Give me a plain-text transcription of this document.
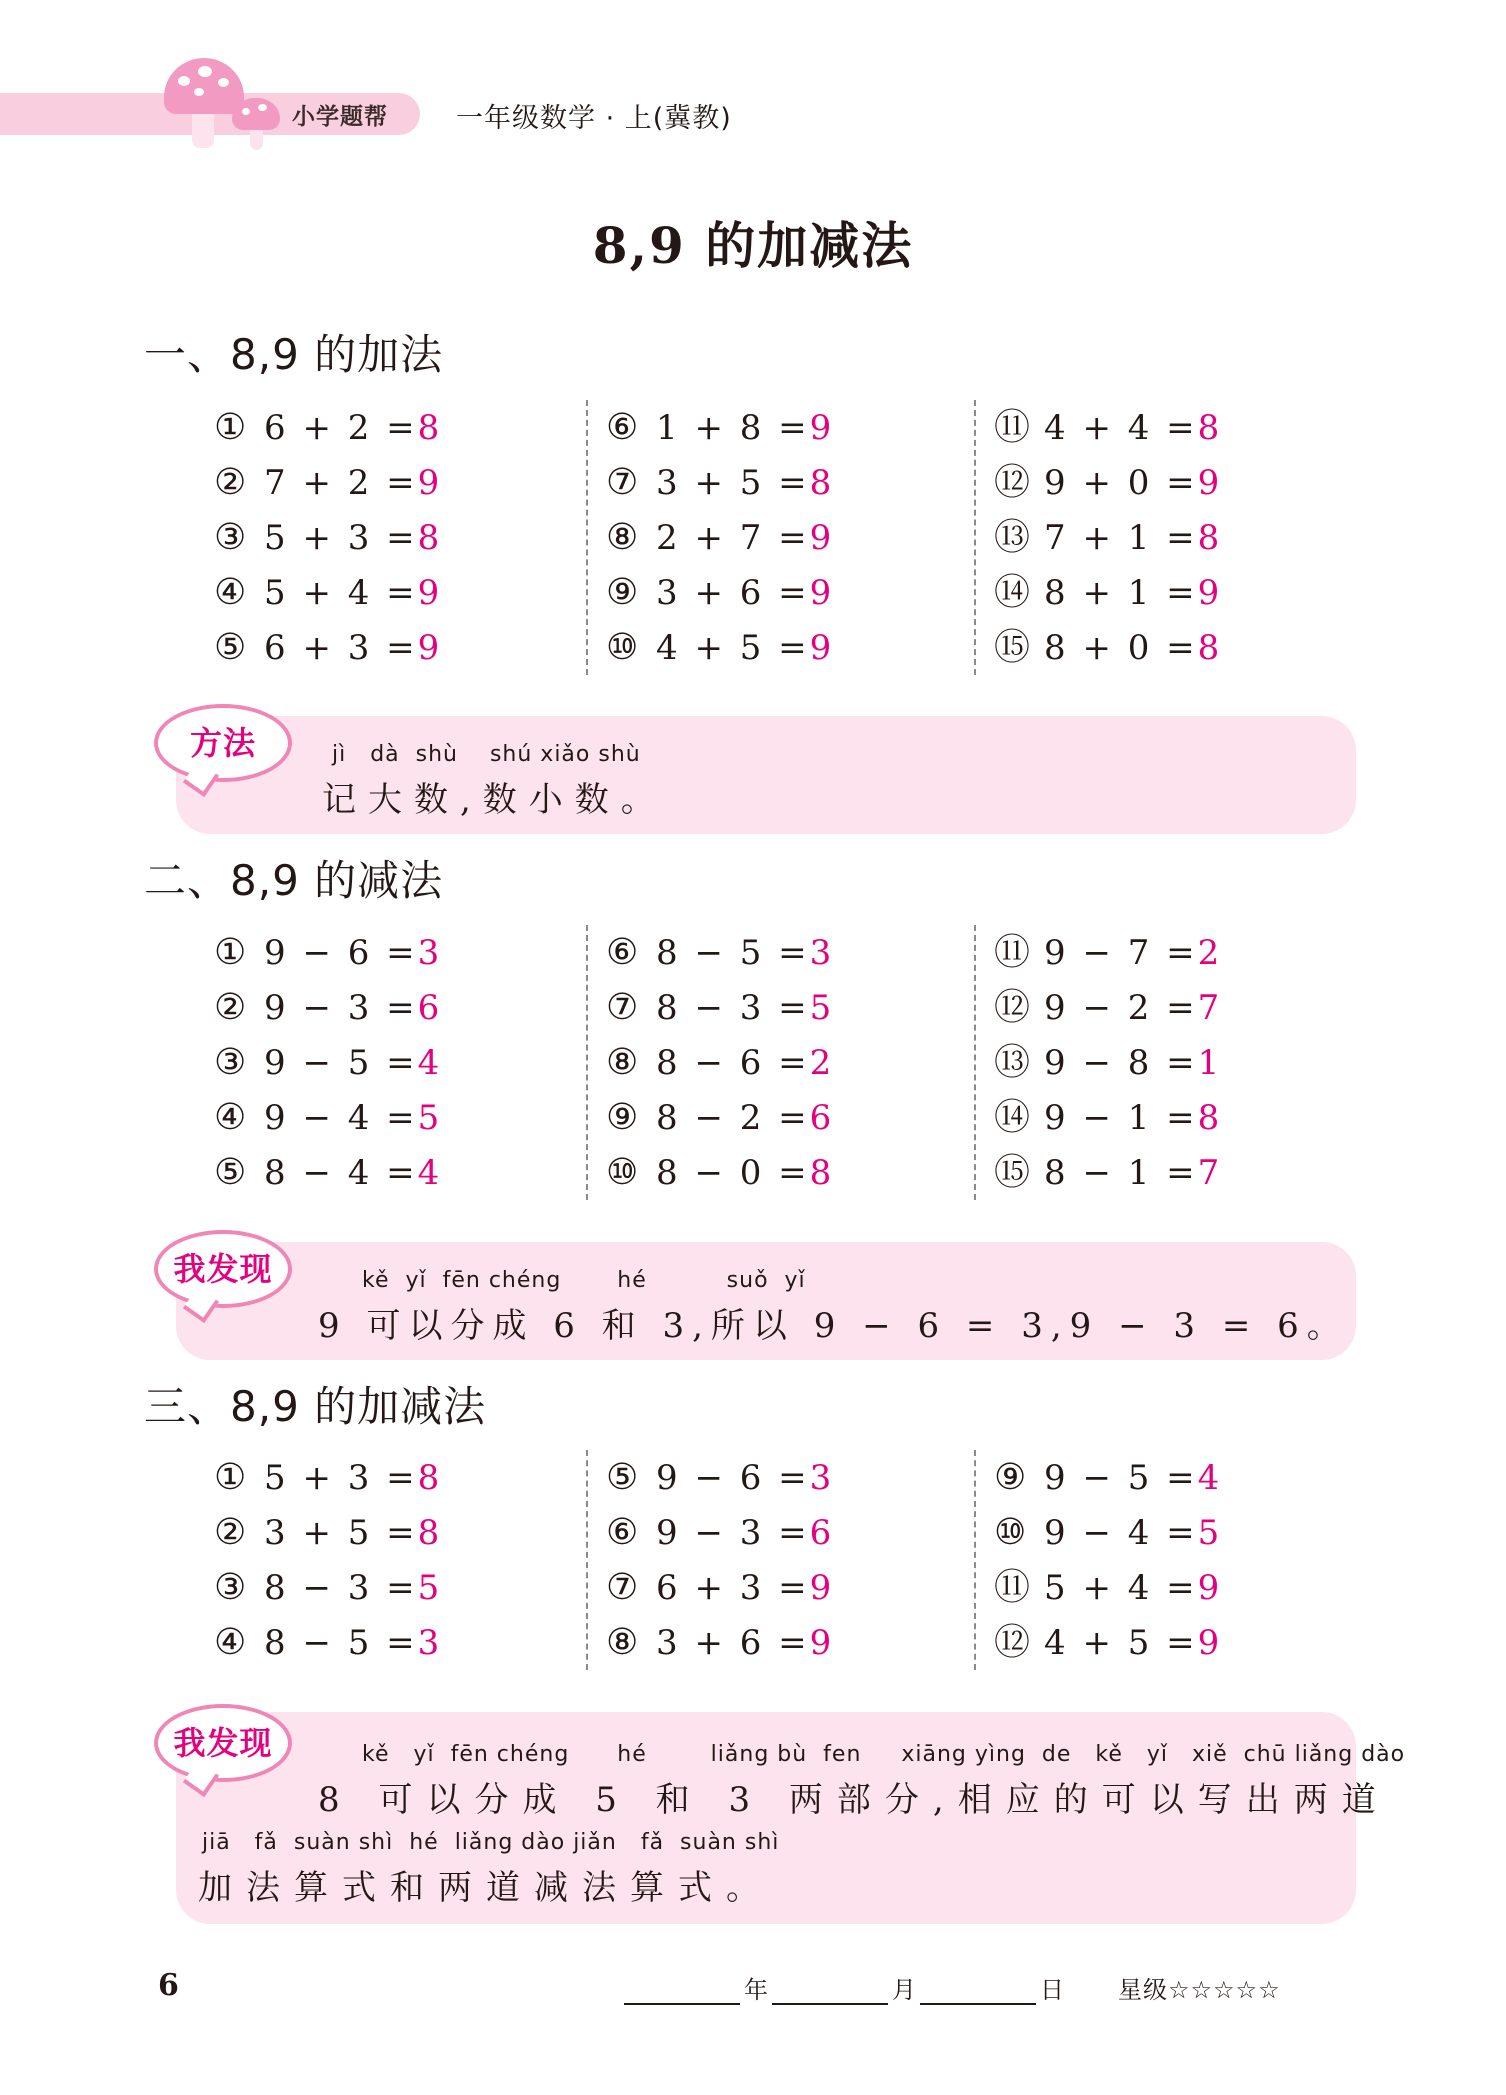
小学题帮	一年级数学 · 上(冀教)
8,9 的加减法
一、8,9 的加法
① 6 + 2 =8
② 7 + 2 =9
③ 5 + 3 =8
④ 5 + 4 =9
⑤ 6 + 3 =9
⑥ 1 + 8 =9
⑦ 3 + 5 =8
⑧ 2 + 7 =9
⑨ 3 + 6 =9
⑩ 4 + 5 =9
⑪ 4 + 4 =8
⑫ 9 + 0 =9
⑬ 7 + 1 =8
⑭ 8 + 1 =9
⑮ 8 + 0 =8
jì   dà  shù    shú xiǎo shù
记大数,数小数。
方法
二、8,9 的减法
① 9 − 6 =3
② 9 − 3 =6
③ 9 − 5 =4
④ 9 − 4 =5
⑤ 8 − 4 =4
⑥ 8 − 5 =3
⑦ 8 − 3 =5
⑧ 8 − 6 =2
⑨ 8 − 2 =6
⑩ 8 − 0 =8
⑪ 9 − 7 =2
⑫ 9 − 2 =7
⑬ 9 − 8 =1
⑭ 9 − 1 =8
⑮ 8 − 1 =7
kě  yǐ  fēn chéng       hé          suǒ  yǐ
9 可以分成 6 和 3,所以 9 − 6 = 3,9 − 3 = 6。
我发现
三、8,9 的加减法
① 5 + 3 =8
② 3 + 5 =8
③ 8 − 3 =5
④ 8 − 5 =3
⑤ 9 − 6 =3
⑥ 9 − 3 =6
⑦ 6 + 3 =9
⑧ 3 + 6 =9
⑨ 9 − 5 =4
⑩ 9 − 4 =5
⑪ 5 + 4 =9
⑫ 4 + 5 =9
kě   yǐ  fēn chéng      hé        liǎng bù  fen     xiāng yìng  de   kě   yǐ   xiě  chū liǎng dào
8 可以分成 5 和 3 两部分,相应的可以写出两道
jiā   fǎ  suàn shì  hé  liǎng dào jiǎn   fǎ  suàn shì
加法算式和两道减法算式。
我发现
6	年	月	日 星级☆☆☆☆☆
